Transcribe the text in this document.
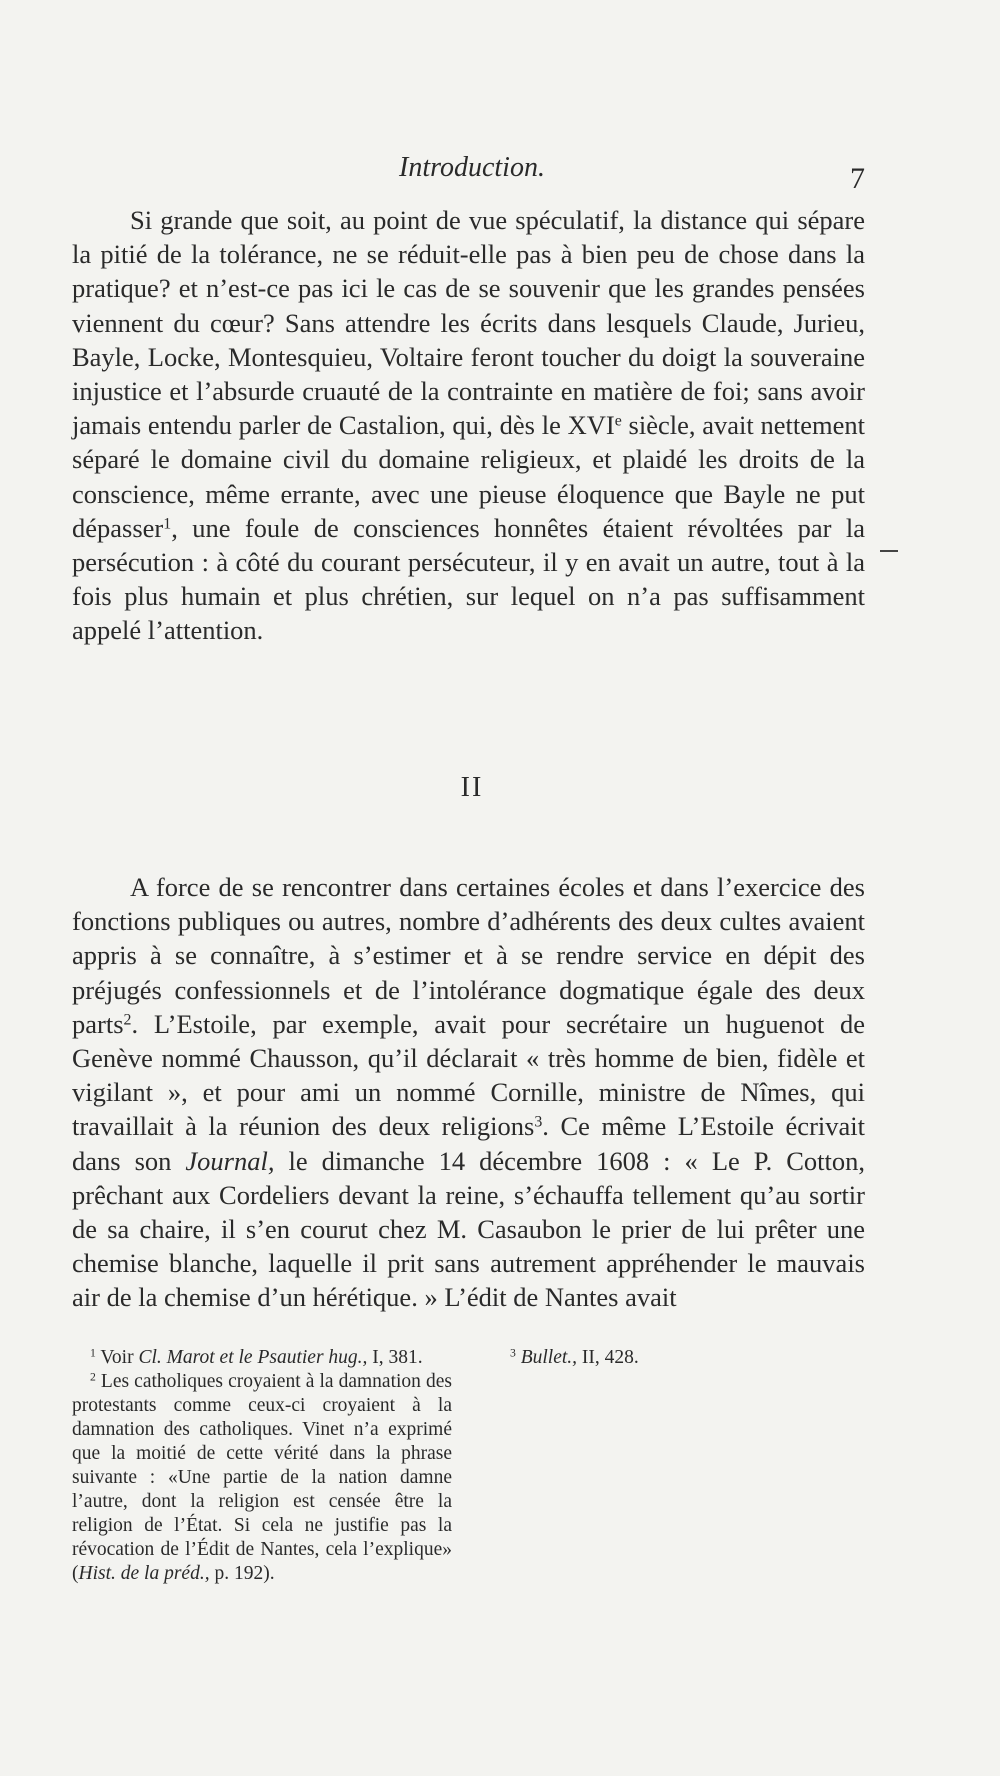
Introduction.	7

Si grande que soit, au point de vue spéculatif, la distance qui sépare la pitié de la tolérance, ne se réduit-elle pas à bien peu de chose dans la pratique? et n’est-ce pas ici le cas de se souvenir que les grandes pensées viennent du cœur? Sans attendre les écrits dans lesquels Claude, Jurieu, Bayle, Locke, Montesquieu, Voltaire feront toucher du doigt la souveraine injustice et l’absurde cruauté de la contrainte en matière de foi; sans avoir jamais entendu parler de Castalion, qui, dès le XVIe siècle, avait nettement séparé le domaine civil du domaine religieux, et plaidé les droits de la conscience, même errante, avec une pieuse éloquence que Bayle ne put dépasser$^1$, une foule de consciences honnêtes étaient révoltées par la persécution : à côté du courant persécuteur, il y en avait un autre, tout à la fois plus humain et plus chrétien, sur lequel on n’a pas suffisamment appelé l’attention.

II

A force de se rencontrer dans certaines écoles et dans l’exercice des fonctions publiques ou autres, nombre d’adhérents des deux cultes avaient appris à se connaître, à s’estimer et à se rendre service en dépit des préjugés confessionnels et de l’intolérance dogmatique égale des deux parts$^2$. L’Estoile, par exemple, avait pour secrétaire un huguenot de Genève nommé Chausson, qu’il déclarait « très homme de bien, fidèle et vigilant », et pour ami un nommé Cornille, ministre de Nîmes, qui travaillait à la réunion des deux religions$^3$. Ce même L’Estoile écrivait dans son Journal, le dimanche 14 décembre 1608 : « Le P. Cotton, prêchant aux Cordeliers devant la reine, s’échauffa tellement qu’au sortir de sa chaire, il s’en courut chez M. Casaubon le prier de lui prêter une chemise blanche, laquelle il prit sans autrement appréhender le mauvais air de la chemise d’un hérétique. » L’édit de Nantes avait

$^1$ Voir Cl. Marot et le Psautier hug., I, 381.

$^2$ Les catholiques croyaient à la damnation des protestants comme ceux-ci croyaient à la damnation des catholiques. Vinet n’a exprimé que la moitié de cette vérité dans la phrase suivante : «Une partie de la nation damne l’autre, dont la religion est censée être la religion de l’État. Si cela ne justifie pas la révocation de l’Édit de Nantes, cela l’explique» (Hist. de la préd., p. 192).

$^3$ Bullet., II, 428.
